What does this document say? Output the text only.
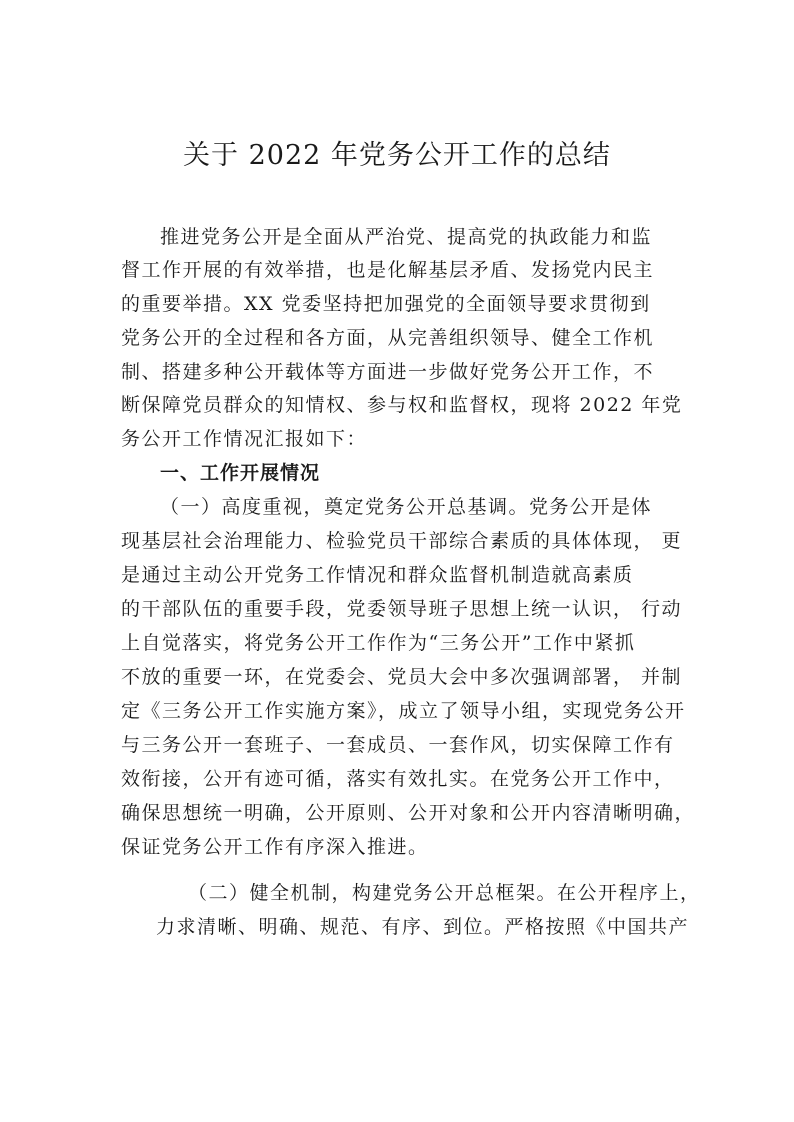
关于 2022 年党务公开工作的总结
推进党务公开是全面从严治党、提高党的执政能力和监
督工作开展的有效举措，也是化解基层矛盾、发扬党内民主
的重要举措。XX 党委坚持把加强党的全面领导要求贯彻到
党务公开的全过程和各方面，从完善组织领导、健全工作机
制、搭建多种公开载体等方面进一步做好党务公开工作，不
断保障党员群众的知情权、参与权和监督权，现将 2022 年党
务公开工作情况汇报如下：
一、工作开展情况
（一）高度重视，奠定党务公开总基调。党务公开是体
现基层社会治理能力、检验党员干部综合素质的具体体现， 更
是通过主动公开党务工作情况和群众监督机制造就高素质
的干部队伍的重要手段，党委领导班子思想上统一认识， 行动
上自觉落实，将党务公开工作作为“三务公开”工作中紧抓
不放的重要一环，在党委会、党员大会中多次强调部署， 并制
定《三务公开工作实施方案》，成立了领导小组，实现党务公开
与三务公开一套班子、一套成员、一套作风，切实保障工作有
效衔接，公开有迹可循，落实有效扎实。在党务公开工作中，
确保思想统一明确，公开原则、公开对象和公开内容清晰明确，
保证党务公开工作有序深入推进。
（二）健全机制，构建党务公开总框架。在公开程序上，
力求清晰、明确、规范、有序、到位。严格按照《中国共产
